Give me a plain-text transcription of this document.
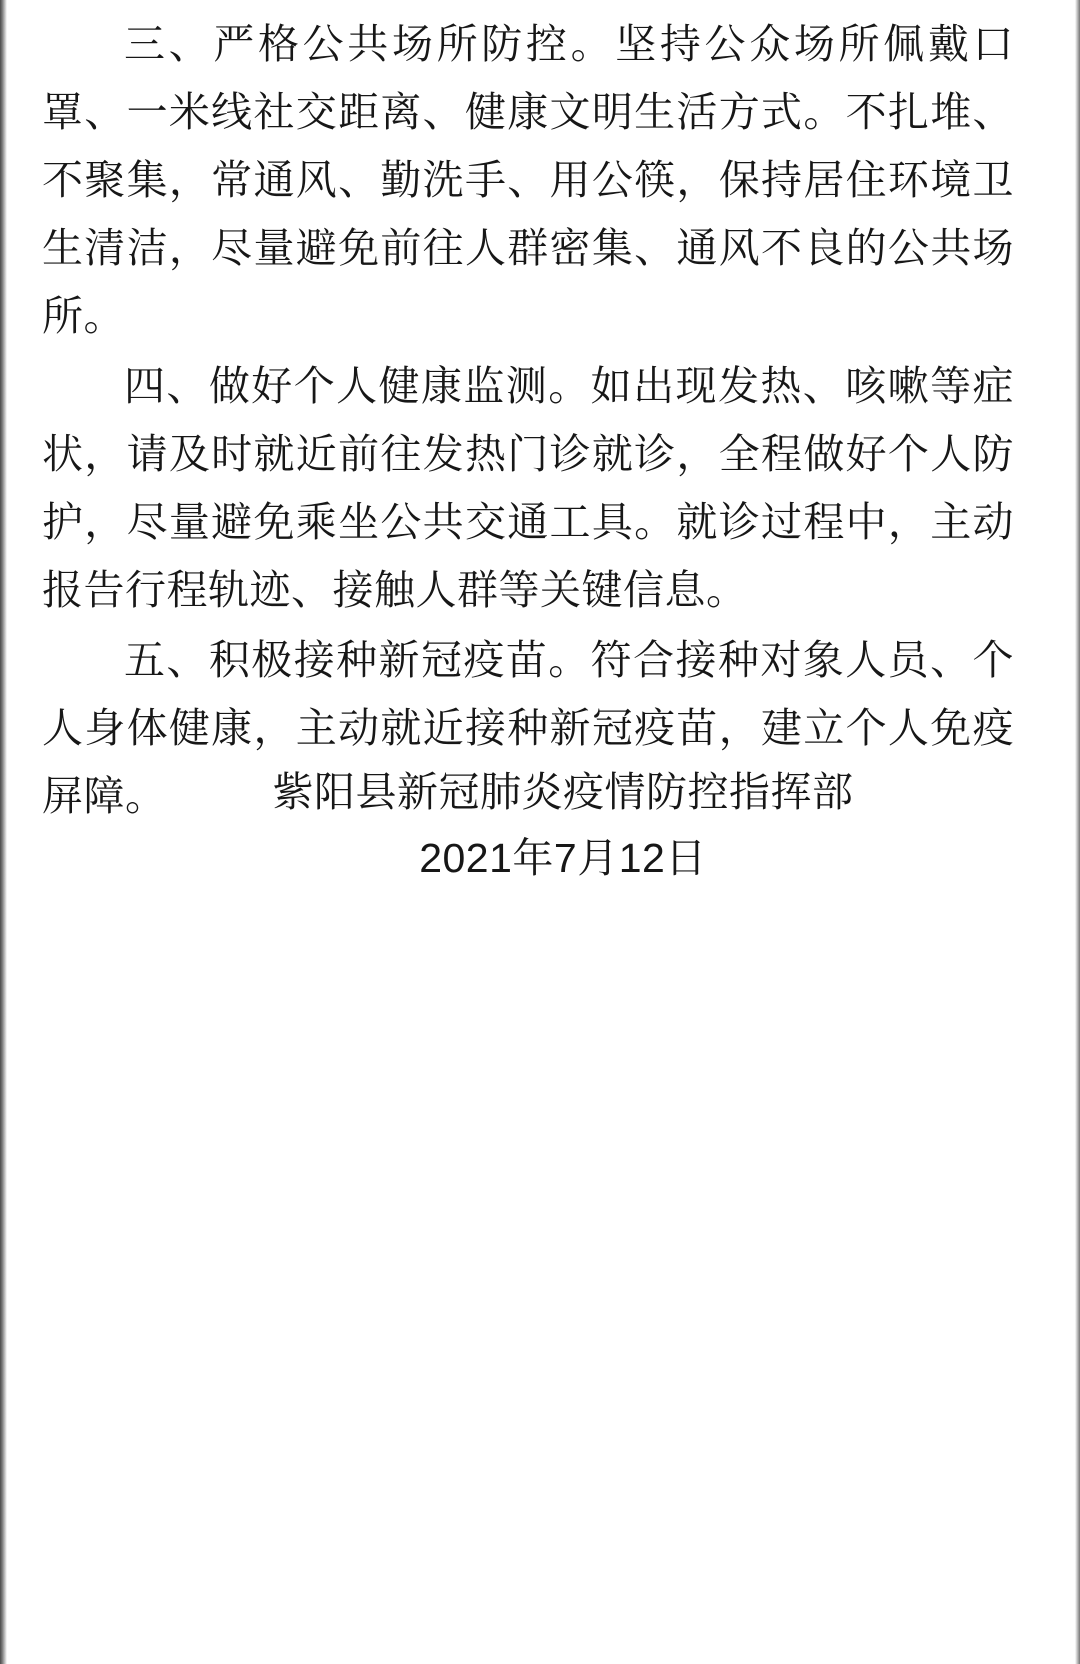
三、严格公共场所防控。坚持公众场所佩戴口罩、一米线社交距离、健康文明生活方式。不扎堆、不聚集，常通风、勤洗手、用公筷，保持居住环境卫生清洁，尽量避免前往人群密集、通风不良的公共场所。

四、做好个人健康监测。如出现发热、咳嗽等症状，请及时就近前往发热门诊就诊，全程做好个人防护，尽量避免乘坐公共交通工具。就诊过程中，主动报告行程轨迹、接触人群等关键信息。

五、积极接种新冠疫苗。符合接种对象人员、个人身体健康，主动就近接种新冠疫苗，建立个人免疫屏障。	紫阳县新冠肺炎疫情防控指挥部
2021年7月12日
